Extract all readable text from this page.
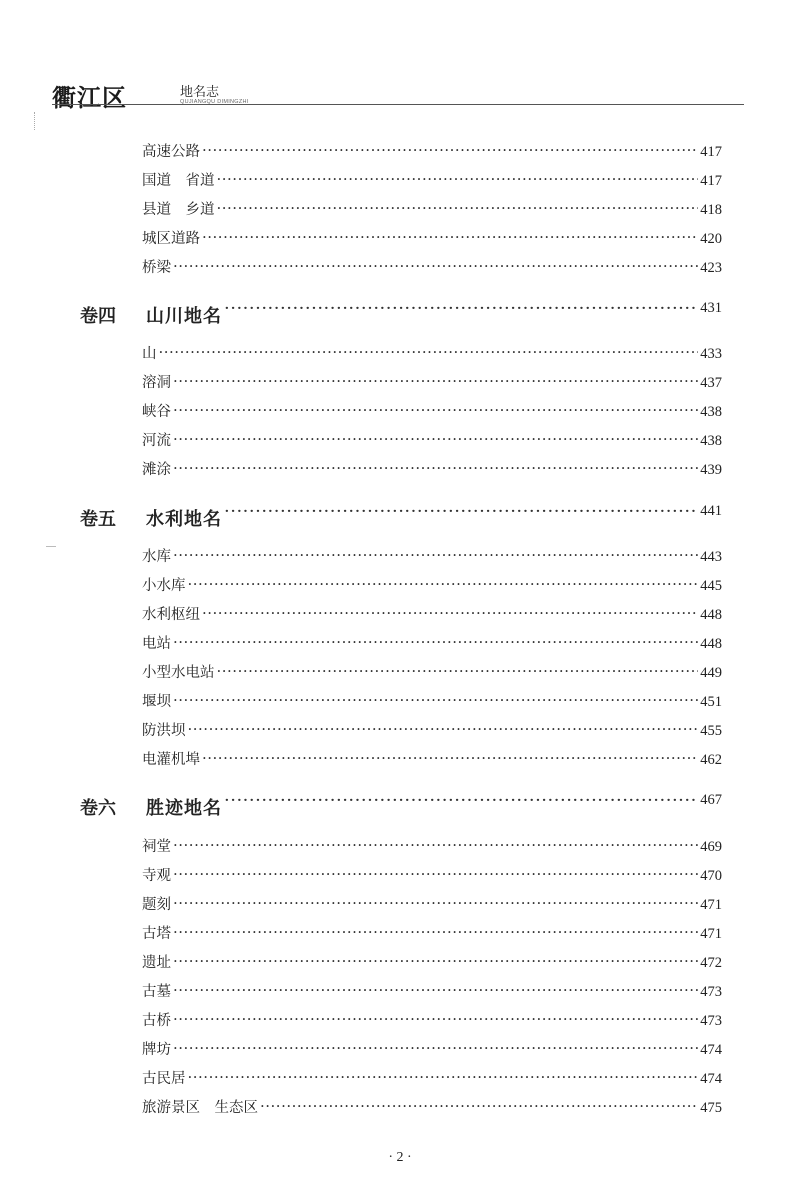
衢江区	地名志
QUJIANGQU DIMINGZHI
高速公路 ·····	417
国道　省道 ·····	417
县道　乡道 ·····	418
城区道路 ·····	420
桥梁 ·····	423
卷四 山川地名 ·····	431
山 ·····	433
溶洞 ·····	437
峡谷 ·····	438
河流 ·····	438
滩涂 ·····	439
卷五 水利地名 ·····	441
水库 ·····	443
小水库 ·····	445
水利枢纽 ·····	448
电站 ·····	448
小型水电站 ·····	449
堰坝 ·····	451
防洪坝 ·····	455
电灌机埠 ·····	462
卷六 胜迹地名 ·····	467
祠堂 ·····	469
寺观 ·····	470
题刻 ·····	471
古塔 ·····	471
遗址 ·····	472
古墓 ·····	473
古桥 ·····	473
牌坊 ·····	474
古民居 ·····	474
旅游景区　生态区 ·····	475
· 2 ·
